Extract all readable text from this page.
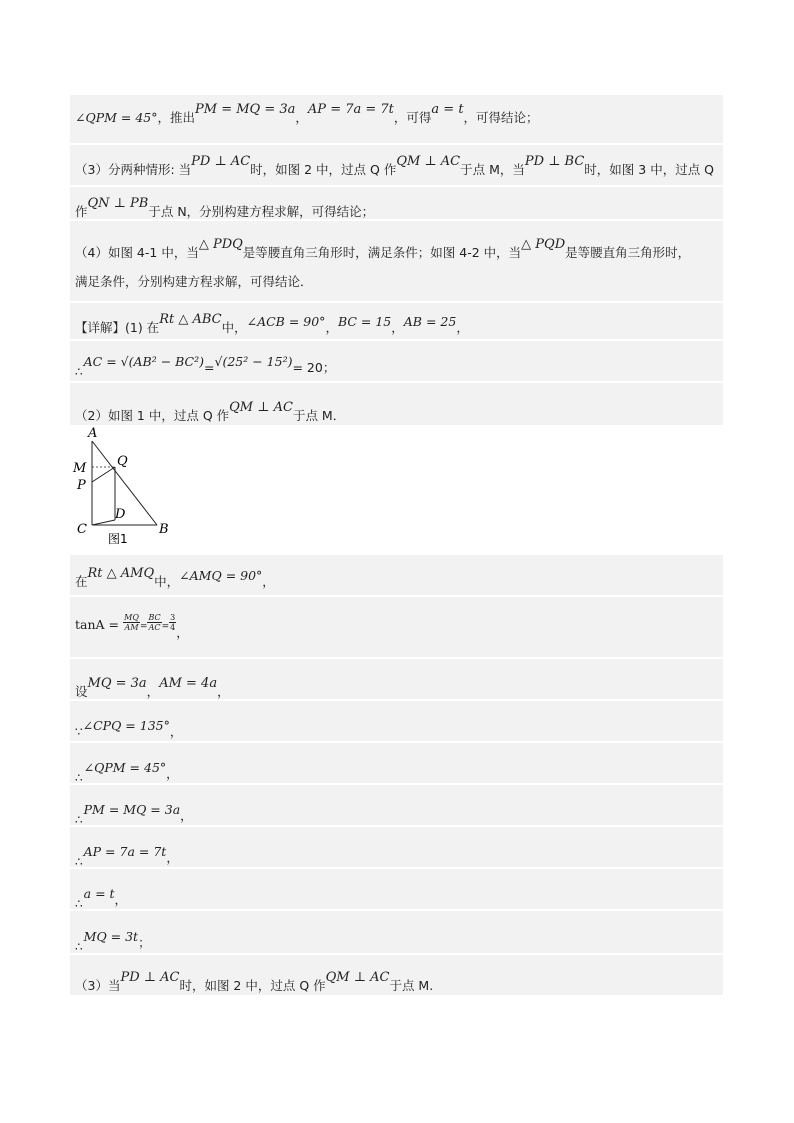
∠QPM = 45°，推出PM = MQ = 3a，AP = 7a = 7t，可得a = t，可得结论；
（3）分两种情形: 当PD ⊥ AC时，如图 2 中，过点 Q 作QM ⊥ AC于点 M，当PD ⊥ BC时，如图 3 中，过点 Q
作QN ⊥ PB于点 N，分别构建方程求解，可得结论；
（4）如图 4-1 中，当△ PDQ是等腰直角三角形时，满足条件；如图 4-2 中，当△ PQD是等腰直角三角形时，
满足条件，分别构建方程求解，可得结论．
【详解】(1) 在Rt △ ABC中，∠ACB = 90°，BC = 15，AB = 25，
∴AC = √(AB² − BC²)=√(25² − 15²)= 20；
（2）如图 1 中，过点 Q 作QM ⊥ AC于点 M．
A
M Q
P
D
C	B
图1
在Rt △ AMQ中，∠AMQ = 90°，
$\tan A = \frac{MQ}{AM} = \frac{BC}{AC} = \frac{3}{4}$
，
设MQ = 3a，AM = 4a，
∵∠CPQ = 135°，
∴∠QPM = 45°，
∴PM = MQ = 3a，
∴AP = 7a = 7t，
∴a = t，
∴MQ = 3t；
（3）当PD ⊥ AC时，如图 2 中，过点 Q 作QM ⊥ AC于点 M.
